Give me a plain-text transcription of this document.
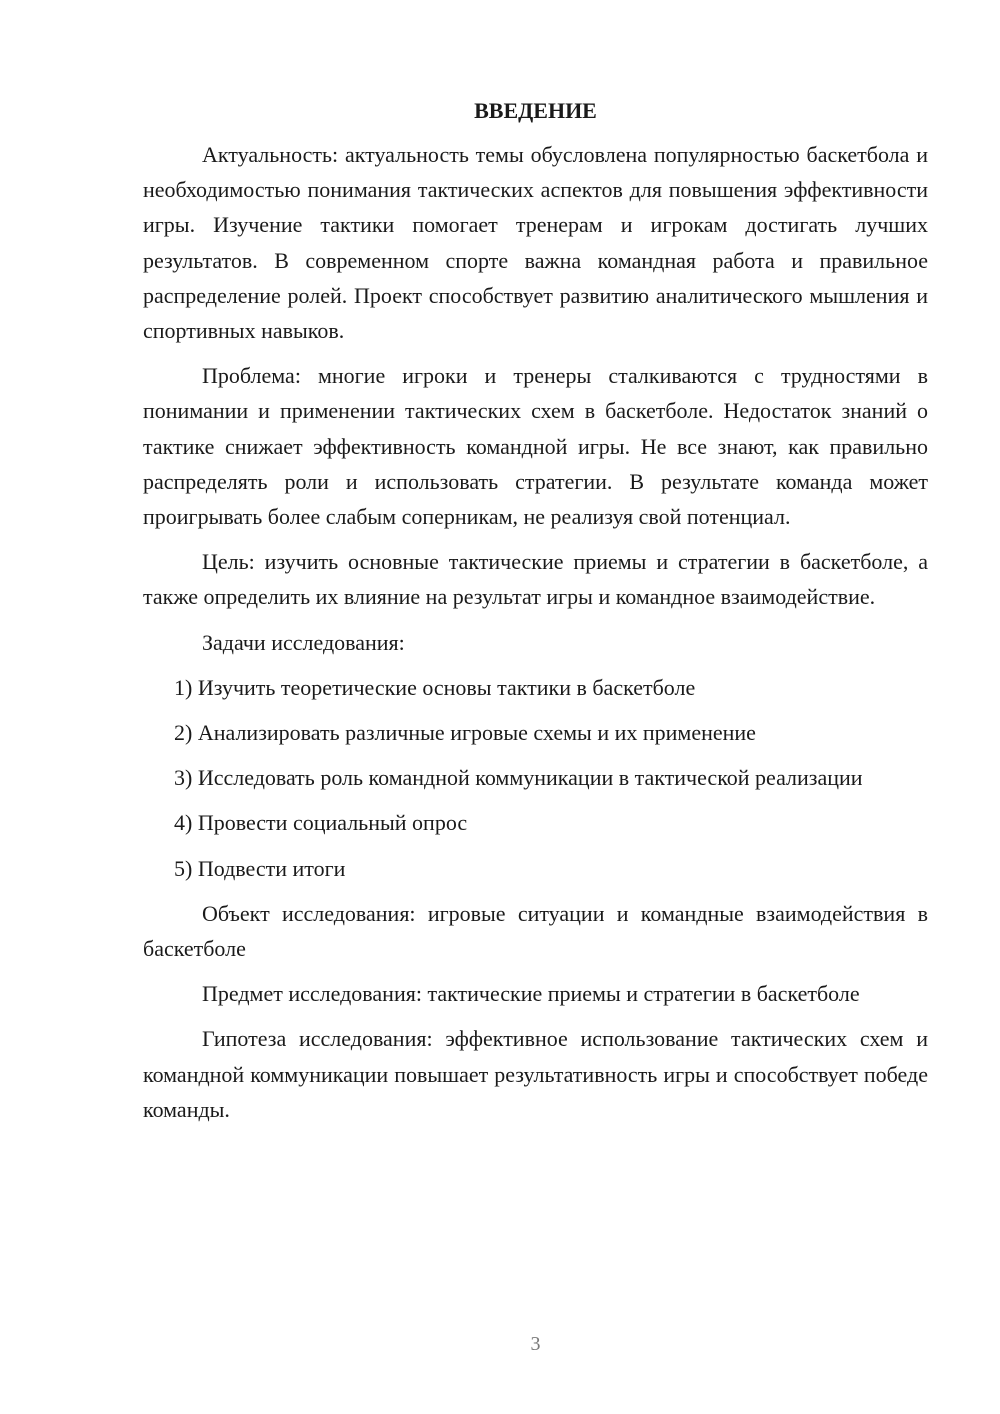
ВВЕДЕНИЕ

Актуальность: актуальность темы обусловлена популярностью баскетбола и необходимостью понимания тактических аспектов для повышения эффективности игры. Изучение тактики помогает тренерам и игрокам достигать лучших результатов. В современном спорте важна командная работа и правильное распределение ролей. Проект способствует развитию аналитического мышления и спортивных навыков.

Проблема: многие игроки и тренеры сталкиваются с трудностями в понимании и применении тактических схем в баскетболе. Недостаток знаний о тактике снижает эффективность командной игры. Не все знают, как правильно распределять роли и использовать стратегии. В результате команда может проигрывать более слабым соперникам, не реализуя свой потенциал.

Цель: изучить основные тактические приемы и стратегии в баскетболе, а также определить их влияние на результат игры и командное взаимодействие.

Задачи исследования:

1) Изучить теоретические основы тактики в баскетболе

2) Анализировать различные игровые схемы и их применение

3) Исследовать роль командной коммуникации в тактической реализации

4) Провести социальный опрос

5) Подвести итоги

Объект исследования: игровые ситуации и командные взаимодействия в баскетболе

Предмет исследования: тактические приемы и стратегии в баскетболе

Гипотеза исследования: эффективное использование тактических схем и командной коммуникации повышает результативность игры и способствует победе команды.

3
